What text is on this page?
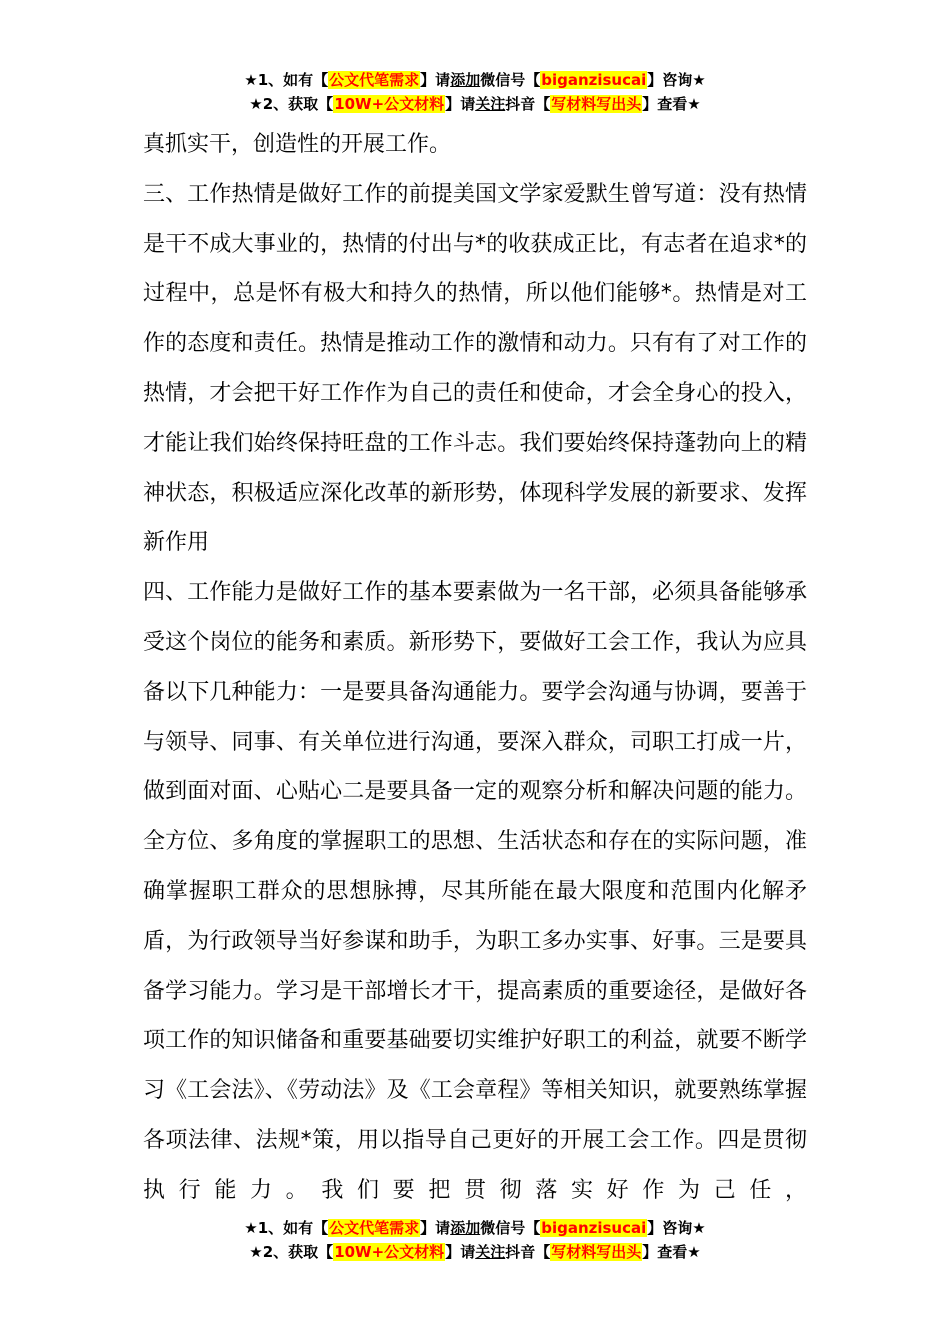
★1、如有【公文代笔需求】请添加微信号【biganzisucai】咨询★
★2、获取【10W+公文材料】请关注抖音【写材料写出头】查看★

真抓实干，创造性的开展工作。

三、工作热情是做好工作的前提美国文学家爱默生曾写道：没有热情是干不成大事业的，热情的付出与*的收获成正比，有志者在追求*的过程中，总是怀有极大和持久的热情，所以他们能够*。热情是对工作的态度和责任。热情是推动工作的激情和动力。只有有了对工作的热情，才会把干好工作作为自己的责任和使命，才会全身心的投入，才能让我们始终保持旺盘的工作斗志。我们要始终保持蓬勃向上的精神状态，积极适应深化改革的新形势，体现科学发展的新要求、发挥新作用

四、工作能力是做好工作的基本要素做为一名干部，必须具备能够承受这个岗位的能务和素质。新形势下，要做好工会工作，我认为应具备以下几种能力：一是要具备沟通能力。要学会沟通与协调，要善于与领导、同事、有关单位进行沟通，要深入群众，司职工打成一片，做到面对面、心贴心二是要具备一定的观察分析和解决问题的能力。全方位、多角度的掌握职工的思想、生活状态和存在的实际问题，准确掌握职工群众的思想脉搏，尽其所能在最大限度和范围内化解矛盾，为行政领导当好参谋和助手，为职工多办实事、好事。三是要具备学习能力。学习是干部增长才干，提高素质的重要途径，是做好各项工作的知识储备和重要基础要切实维护好职工的利益，就要不断学习《工会法》、《劳动法》及《工会章程》等相关知识，就要熟练掌握各项法律、法规*策，用以指导自己更好的开展工会工作。四是贯彻执行能力。我们要把贯彻落实好作为己任，

★1、如有【公文代笔需求】请添加微信号【biganzisucai】咨询★
★2、获取【10W+公文材料】请关注抖音【写材料写出头】查看★
